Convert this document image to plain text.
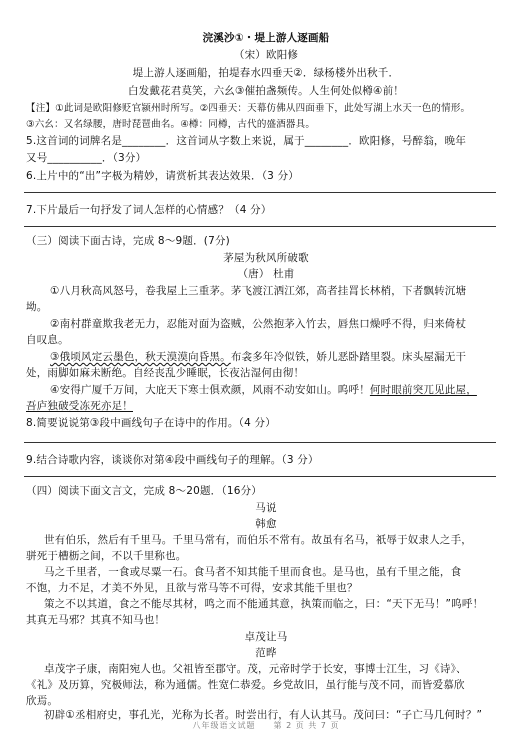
浣溪沙①・堤上游人逐画船
（宋）欧阳修
堤上游人逐画船，拍堤春水四垂天②．绿杨楼外出秋千．
白发戴花君莫笑，六幺③催拍盏频传。人生何处似樽④前！
【注】①此词是欧阳修贬官颍州时所写。②四垂天：天幕仿佛从四面垂下，此处写湖上水天一色的情形。
③六幺：又名绿腰，唐时琵琶曲名。④樽：同樽，古代的盛酒器具。
5.这首词的词牌名是________．这首词从字数上来说，属于________．欧阳修，号醉翁，晚年
又号__________．（3分）
6.上片中的“出”字极为精妙，请赏析其表达效果．（3 分）
7.下片最后一句抒发了词人怎样的心情感？（4 分）
（三）阅读下面古诗，完成 8～9题．(7分)
茅屋为秋风所破歌
（唐） 杜甫
①八月秋高风怒号，卷我屋上三重茅。茅飞渡江洒江郊，高者挂罥长林梢，下者飘转沉塘
坳。
②南村群童欺我老无力，忍能对面为盗贼，公然抱茅入竹去，唇焦口燥呼不得，归来倚杖
自叹息。
③俄顷风定云墨色，秋天漠漠向昏黑。布衾多年冷似铁，娇儿恶卧踏里裂。床头屋漏无干
处，雨脚如麻未断绝。自经丧乱少睡眠，长夜沾湿何由彻！
④安得广厦千万间，大庇天下寒士俱欢颜，风雨不动安如山。呜呼！何时眼前突兀见此屋，
吾庐独破受冻死亦足！
8.简要说说第③段中画线句子在诗中的作用。（4 分）
9.结合诗歌内容，谈谈你对第④段中画线句子的理解。（3 分）
（四）阅读下面文言文，完成 8～20题．（16分）
马说
韩愈
世有伯乐，然后有千里马。千里马常有，而伯乐不常有。故虽有名马，祇辱于奴隶人之手，
骈死于槽枥之间，不以千里称也。
马之千里者，一食或尽粟一石。食马者不知其能千里而食也。是马也，虽有千里之能，食
不饱，力不足，才美不外见，且欲与常马等不可得，安求其能千里也？
策之不以其道，食之不能尽其材，鸣之而不能通其意，执策而临之，曰：“天下无马！”呜呼！
其真无马邪？其真不知马也！
卓茂让马
范晔
卓茂字子康，南阳宛人也。父祖皆至郡守。茂，元帝时学于长安，事博士江生，习《诗》、
《礼》及历算，究极师法，称为通儒。性宽仁恭爱。乡党故旧，虽行能与茂不同，而皆爱慕欣
欣焉。
初辟①丞相府史，事孔光，光称为长者。时尝出行，有人认其马。茂问曰：“子亡马几何时？”
八年级语文试题　　第 2 页 共 7 页
